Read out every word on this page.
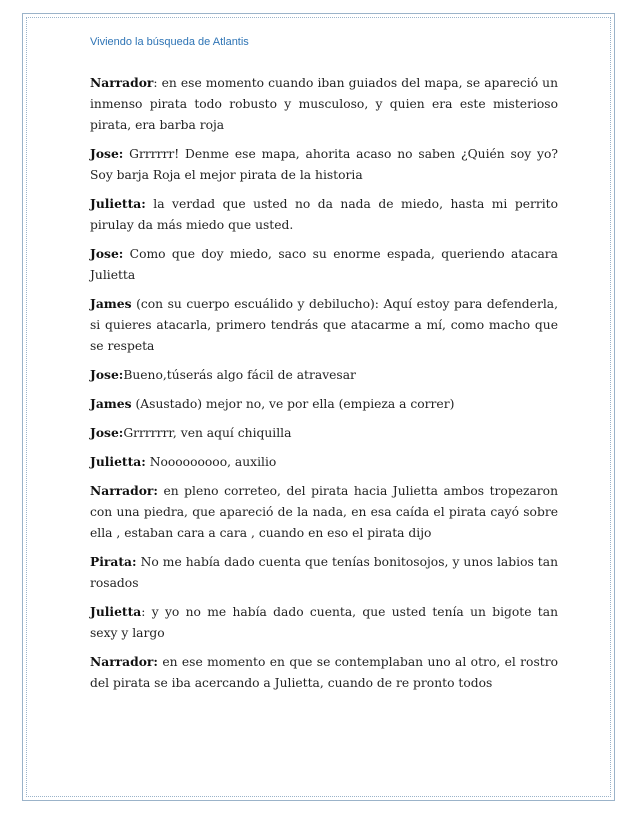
Viviendo la búsqueda de Atlantis

Narrador: en ese momento cuando iban guiados del mapa, se apareció un inmenso pirata todo robusto y musculoso, y quien era este misterioso pirata, era barba roja

Jose: Grrrrrr! Denme ese mapa, ahorita acaso no saben ¿Quién soy yo? Soy barja Roja el mejor pirata de la historia

Julietta: la verdad que usted no da nada de miedo, hasta mi perrito pirulay da más miedo que usted.

Jose: Como que doy miedo, saco su enorme espada, queriendo atacara Julietta

James (con su cuerpo escuálido y debilucho): Aquí estoy para defenderla, si quieres atacarla, primero tendrás que atacarme a mí, como macho que se respeta

Jose:Bueno,túserás algo fácil de atravesar

James (Asustado) mejor no, ve por ella (empieza a correr)

Jose:Grrrrrrr, ven aquí chiquilla

Julietta: Nooooooooo, auxilio

Narrador: en pleno correteo, del pirata hacia Julietta ambos tropezaron con una piedra, que apareció de la nada, en esa caída el pirata cayó sobre ella , estaban cara a cara , cuando en eso el pirata dijo

Pirata: No me había dado cuenta que tenías bonitosojos, y unos labios tan rosados

Julietta: y yo no me había dado cuenta, que usted tenía un bigote tan sexy y largo

Narrador: en ese momento en que se contemplaban uno al otro, el rostro del pirata se iba acercando a Julietta, cuando de re pronto todos
